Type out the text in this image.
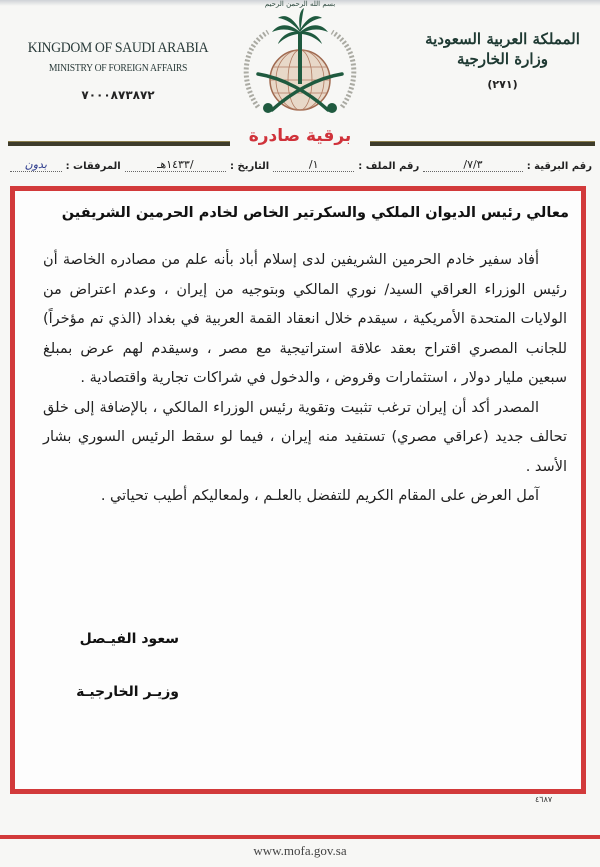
KINGDOM OF SAUDI ARABIA
MINISTRY OF FOREIGN AFFAIRS
٧٠٠٠٨٧٣٨٧٢
بسم الله الرحمن الرحيم
المملكة العربية السعودية
وزارة الخارجية
(٢٧١)
برقية صادرة
رقم البرقية :
٧/٣/
رقم الملف :
١/
التاريخ :
/١٤٣٣هـ
المرفقات :
بدون
معالي رئيس الديوان الملكي والسكرتير الخاص لخادم الحرمين الشريفين

أفاد سفير خادم الحرمين الشريفين لدى إسلام أباد بأنه علم من مصادره الخاصة أن رئيس الوزراء العراقي السيد/ نوري المالكي وبتوجيه من إيران ، وعدم اعتراض من الولايات المتحدة الأمريكية ، سيقدم خلال انعقاد القمة العربية في بغداد (الذي تم مؤخراً) للجانب المصري اقتراح بعقد علاقة استراتيجية مع مصر ، وسيقدم لهم عرض بمبلغ سبعين مليار دولار ، استثمارات وقروض ، والدخول في شراكات تجارية واقتصادية .

المصدر أكد أن إيران ترغب تثبيت وتقوية رئيس الوزراء المالكي ، بالإضافة إلى خلق تحالف جديد (عراقي مصري) تستفيد منه إيران ، فيما لو سقط الرئيس السوري بشار الأسد .

آمل العرض على المقام الكريم للتفضل بالعلـم ، ولمعاليكم أطيب تحياتي .

سعود الفيـصل
وزيـر الخارجيـة
٤٦٨٧
www.mofa.gov.sa
